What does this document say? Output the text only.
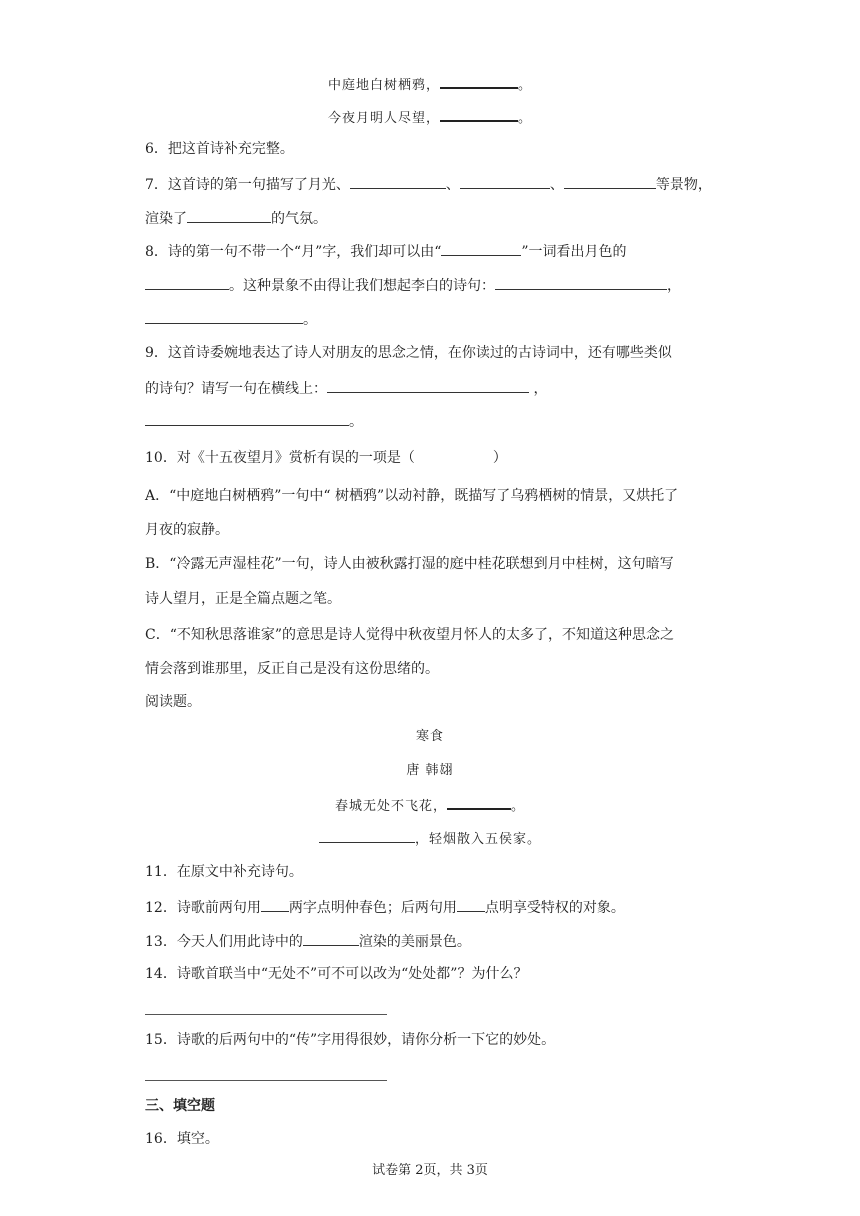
中庭地白树栖鸦，	。
今夜月明人尽望，	。
6．把这首诗补充完整。
7．这首诗的第一句描写了月光、	、	、	等景物，
渲染了	的气氛。
8．诗的第一句不带一个“月”字，我们却可以由“	”一词看出月色的
。这种景象不由得让我们想起李白的诗句：	，
。
9．这首诗委婉地表达了诗人对朋友的思念之情，在你读过的古诗词中，还有哪些类似
的诗句？请写一句在横线上：	，
。
10．对《十五夜望月》赏析有误的一项是（	）
A．“中庭地白树栖鸦”一句中“ 树栖鸦”以动衬静，既描写了乌鸦栖树的情景，又烘托了
月夜的寂静。
B．“冷露无声湿桂花”一句，诗人由被秋露打湿的庭中桂花联想到月中桂树，这句暗写
诗人望月，正是全篇点题之笔。
C．“不知秋思落谁家”的意思是诗人觉得中秋夜望月怀人的太多了，不知道这种思念之
情会落到谁那里，反正自己是没有这份思绪的。
阅读题。
寒食
唐 韩翃
春城无处不飞花，	。
，轻烟散入五侯家。
11．在原文中补充诗句。
12．诗歌前两句用 两字点明仲春色；后两句用 点明享受特权的对象。
13．今天人们用此诗中的	渲染的美丽景色。
14．诗歌首联当中“无处不”可不可以改为“处处都”？为什么？
15．诗歌的后两句中的“传”字用得很妙，请你分析一下它的妙处。
三、填空题
16．填空。
试卷第 2页，共 3页
